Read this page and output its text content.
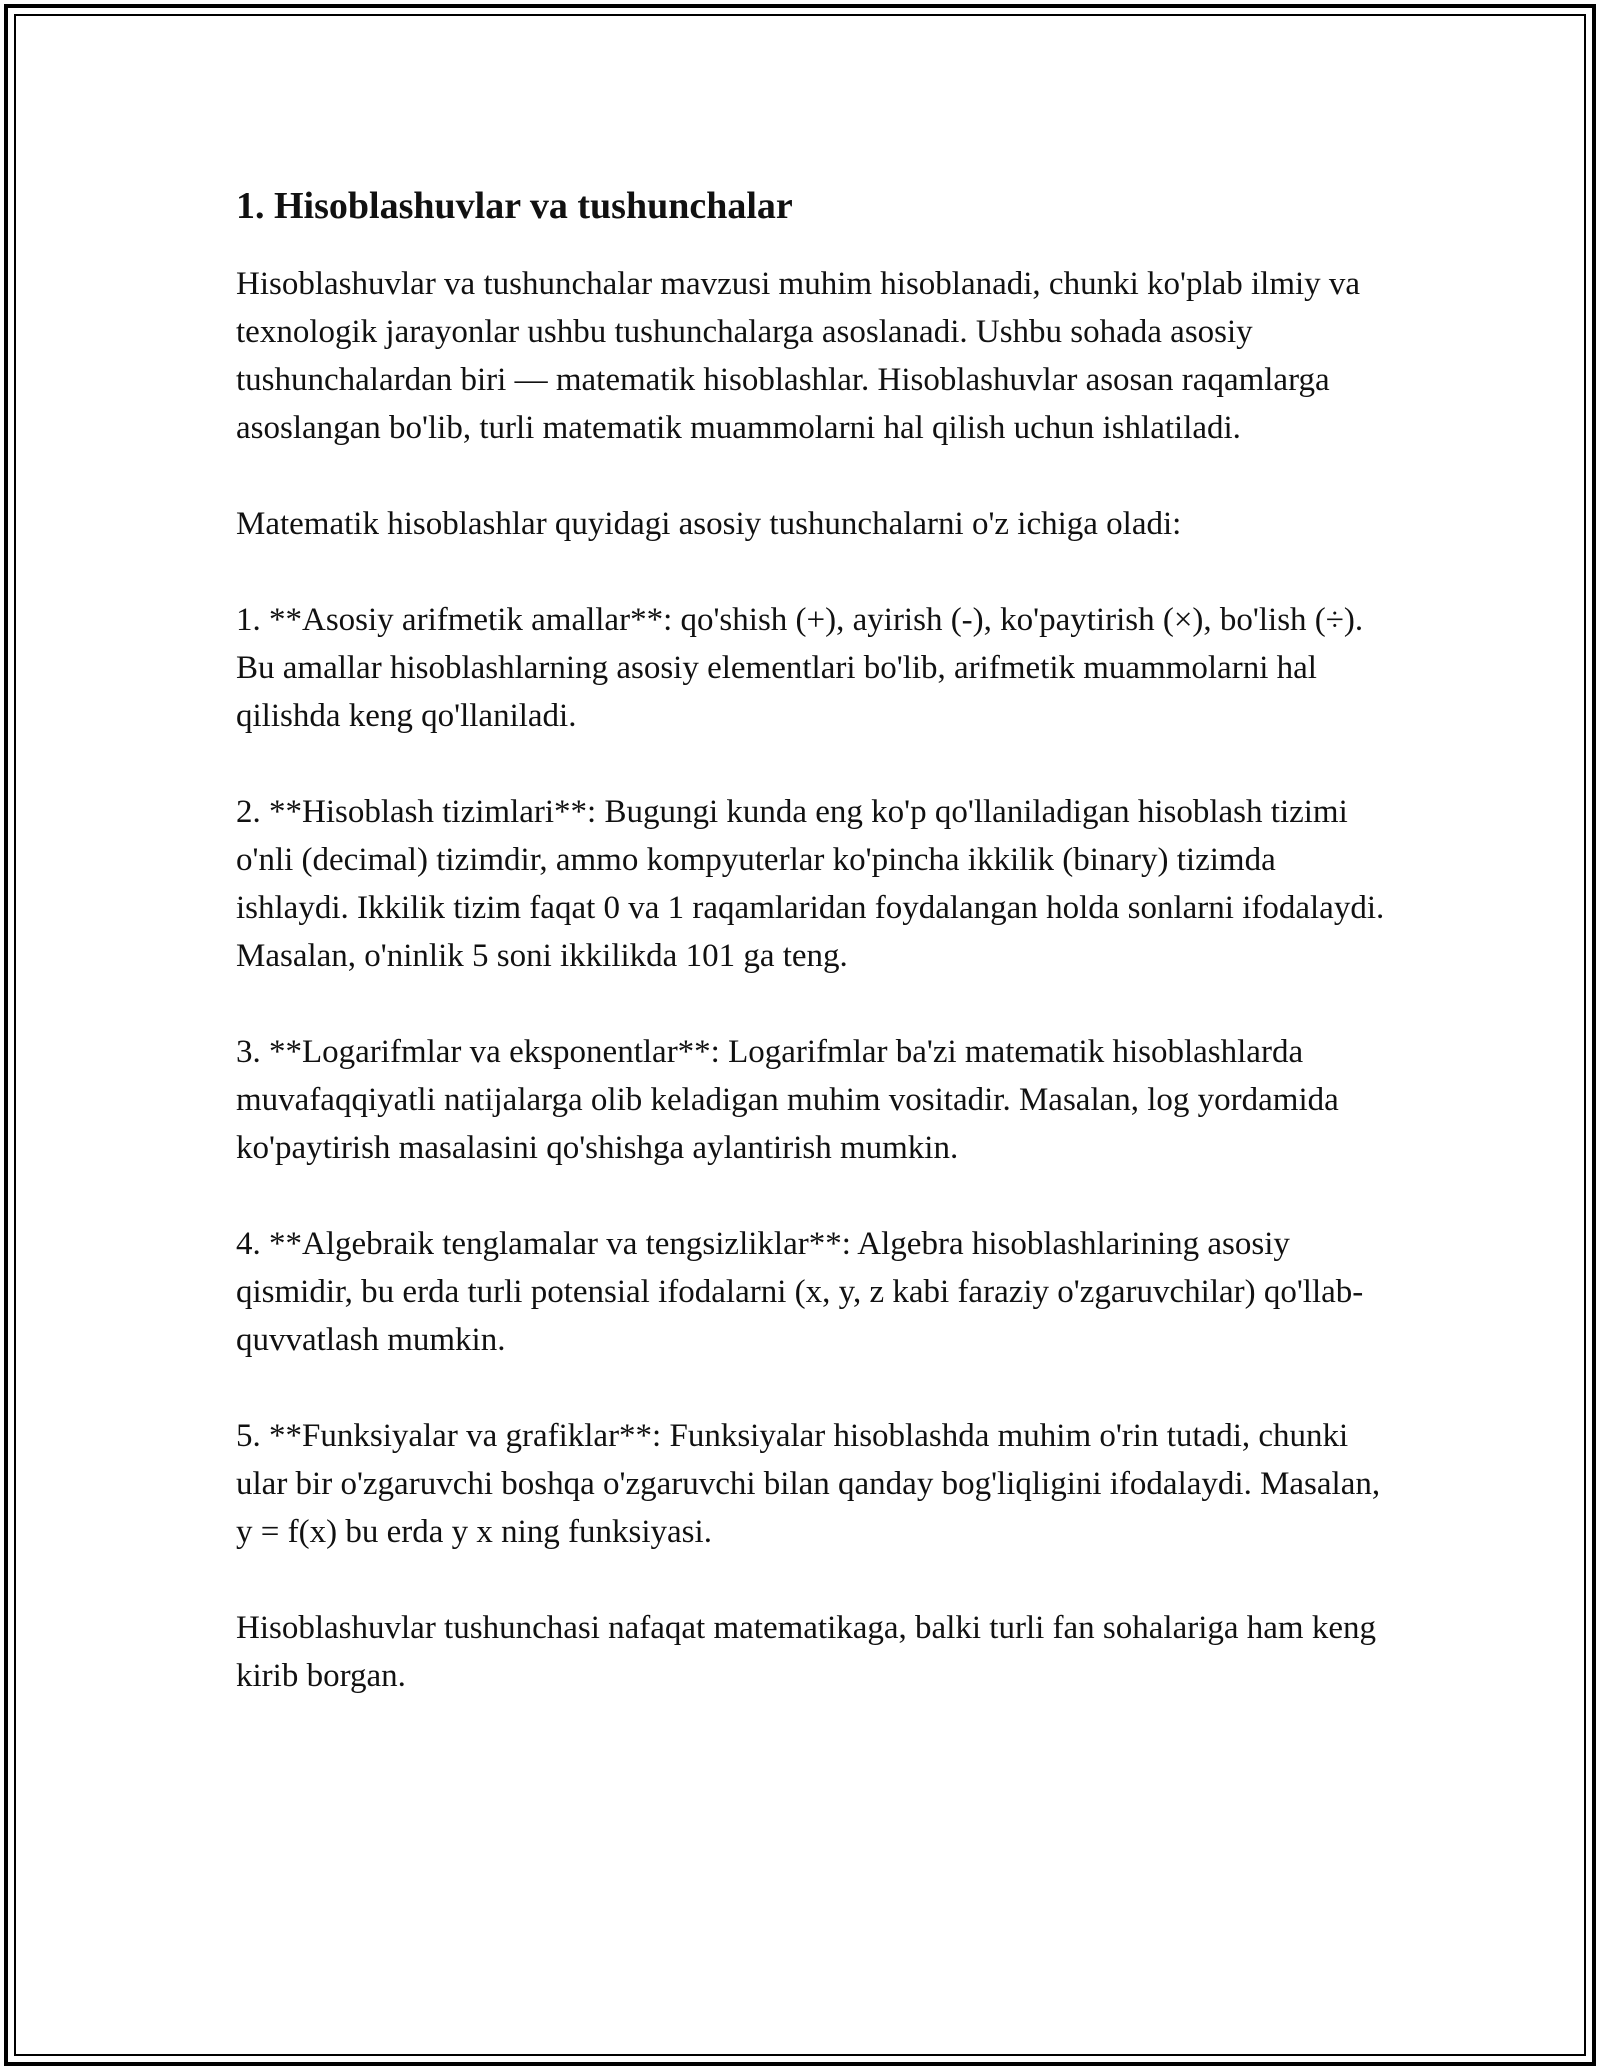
1. Hisoblashuvlar va tushunchalar

Hisoblashuvlar va tushunchalar mavzusi muhim hisoblanadi, chunki ko'plab ilmiy va texnologik jarayonlar ushbu tushunchalarga asoslanadi. Ushbu sohada asosiy tushunchalardan biri — matematik hisoblashlar. Hisoblashuvlar asosan raqamlarga asoslangan bo'lib, turli matematik muammolarni hal qilish uchun ishlatiladi.

Matematik hisoblashlar quyidagi asosiy tushunchalarni o'z ichiga oladi:

1. **Asosiy arifmetik amallar**: qo'shish (+), ayirish (-), ko'paytirish (×), bo'lish (÷). Bu amallar hisoblashlarning asosiy elementlari bo'lib, arifmetik muammolarni hal qilishda keng qo'llaniladi.

2. **Hisoblash tizimlari**: Bugungi kunda eng ko'p qo'llaniladigan hisoblash tizimi o'nli (decimal) tizimdir, ammo kompyuterlar ko'pincha ikkilik (binary) tizimda ishlaydi. Ikkilik tizim faqat 0 va 1 raqamlaridan foydalangan holda sonlarni ifodalaydi. Masalan, o'ninlik 5 soni ikkilikda 101 ga teng.

3. **Logarifmlar va eksponentlar**: Logarifmlar ba'zi matematik hisoblashlarda muvafaqqiyatli natijalarga olib keladigan muhim vositadir. Masalan, log yordamida ko'paytirish masalasini qo'shishga aylantirish mumkin.

4. **Algebraik tenglamalar va tengsizliklar**: Algebra hisoblashlarining asosiy qismidir, bu erda turli potensial ifodalarni (x, y, z kabi faraziy o'zgaruvchilar) qo'llab-quvvatlash mumkin.

5. **Funksiyalar va grafiklar**: Funksiyalar hisoblashda muhim o'rin tutadi, chunki ular bir o'zgaruvchi boshqa o'zgaruvchi bilan qanday bog'liqligini ifodalaydi. Masalan, y = f(x) bu erda y x ning funksiyasi.

Hisoblashuvlar tushunchasi nafaqat matematikaga, balki turli fan sohalariga ham keng kirib borgan.
